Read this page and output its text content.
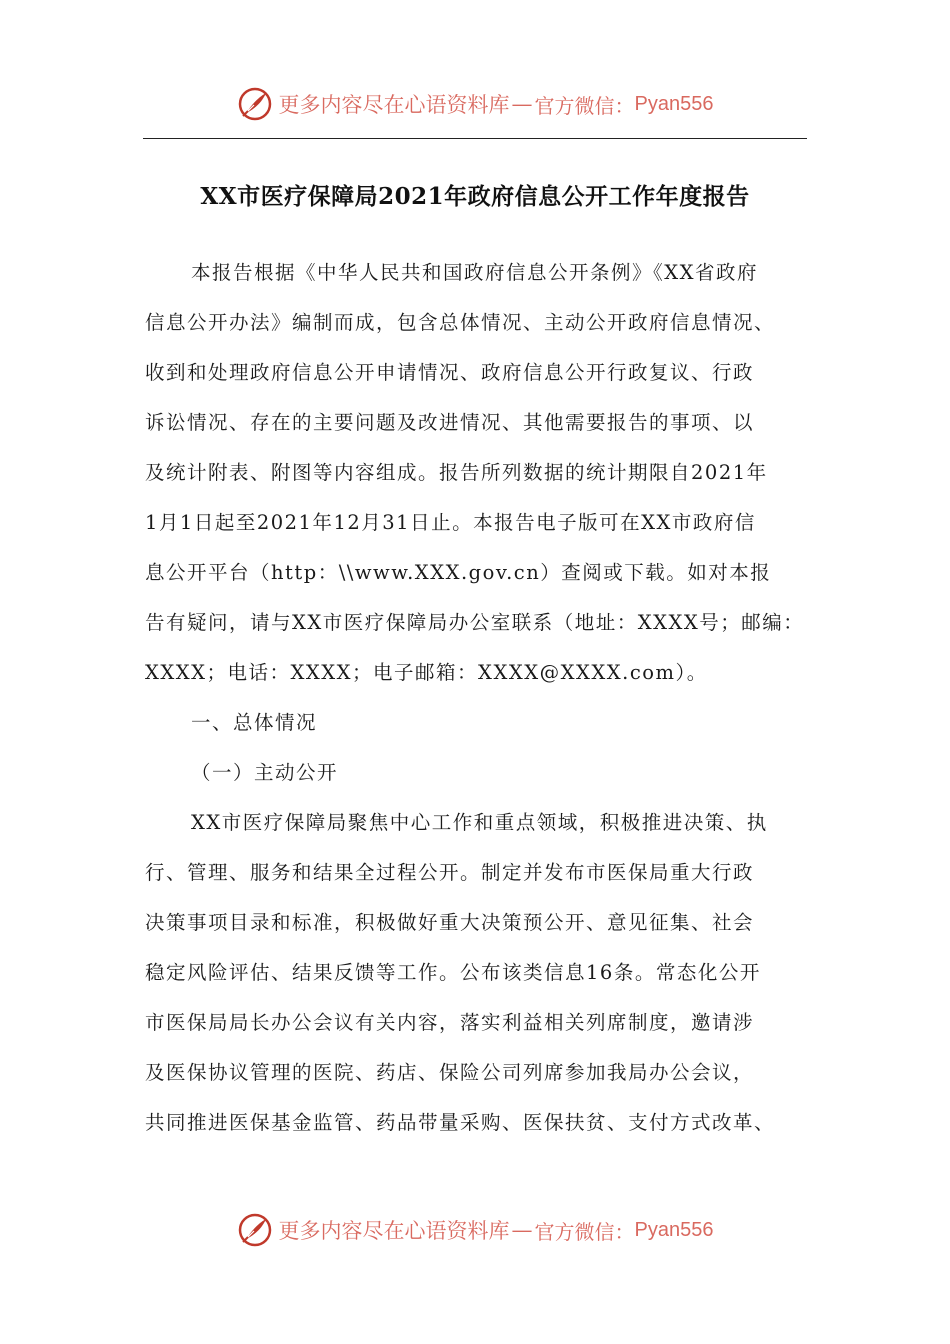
更多内容尽在心语资料库 — 官方微信： Pyan556
XX市医疗保障局2021年政府信息公开工作年度报告
本报告根据《中华人民共和国政府信息公开条例》《XX省政府
信息公开办法》编制而成，包含总体情况、主动公开政府信息情况、
收到和处理政府信息公开申请情况、政府信息公开行政复议、行政
诉讼情况、存在的主要问题及改进情况、其他需要报告的事项、以
及统计附表、附图等内容组成。报告所列数据的统计期限自2021年
1月1日起至2021年12月31日止。本报告电子版可在XX市政府信
息公开平台（http：\\www.XXX.gov.cn）查阅或下载。如对本报
告有疑问，请与XX市医疗保障局办公室联系（地址：XXXX号；邮编：
XXXX；电话：XXXX；电子邮箱：XXXX@XXXX.com）。
一、总体情况
（一）主动公开
XX市医疗保障局聚焦中心工作和重点领域，积极推进决策、执
行、管理、服务和结果全过程公开。制定并发布市医保局重大行政
决策事项目录和标准，积极做好重大决策预公开、意见征集、社会
稳定风险评估、结果反馈等工作。公布该类信息16条。常态化公开
市医保局局长办公会议有关内容，落实利益相关列席制度，邀请涉
及医保协议管理的医院、药店、保险公司列席参加我局办公会议，
共同推进医保基金监管、药品带量采购、医保扶贫、支付方式改革、
更多内容尽在心语资料库 — 官方微信： Pyan556
